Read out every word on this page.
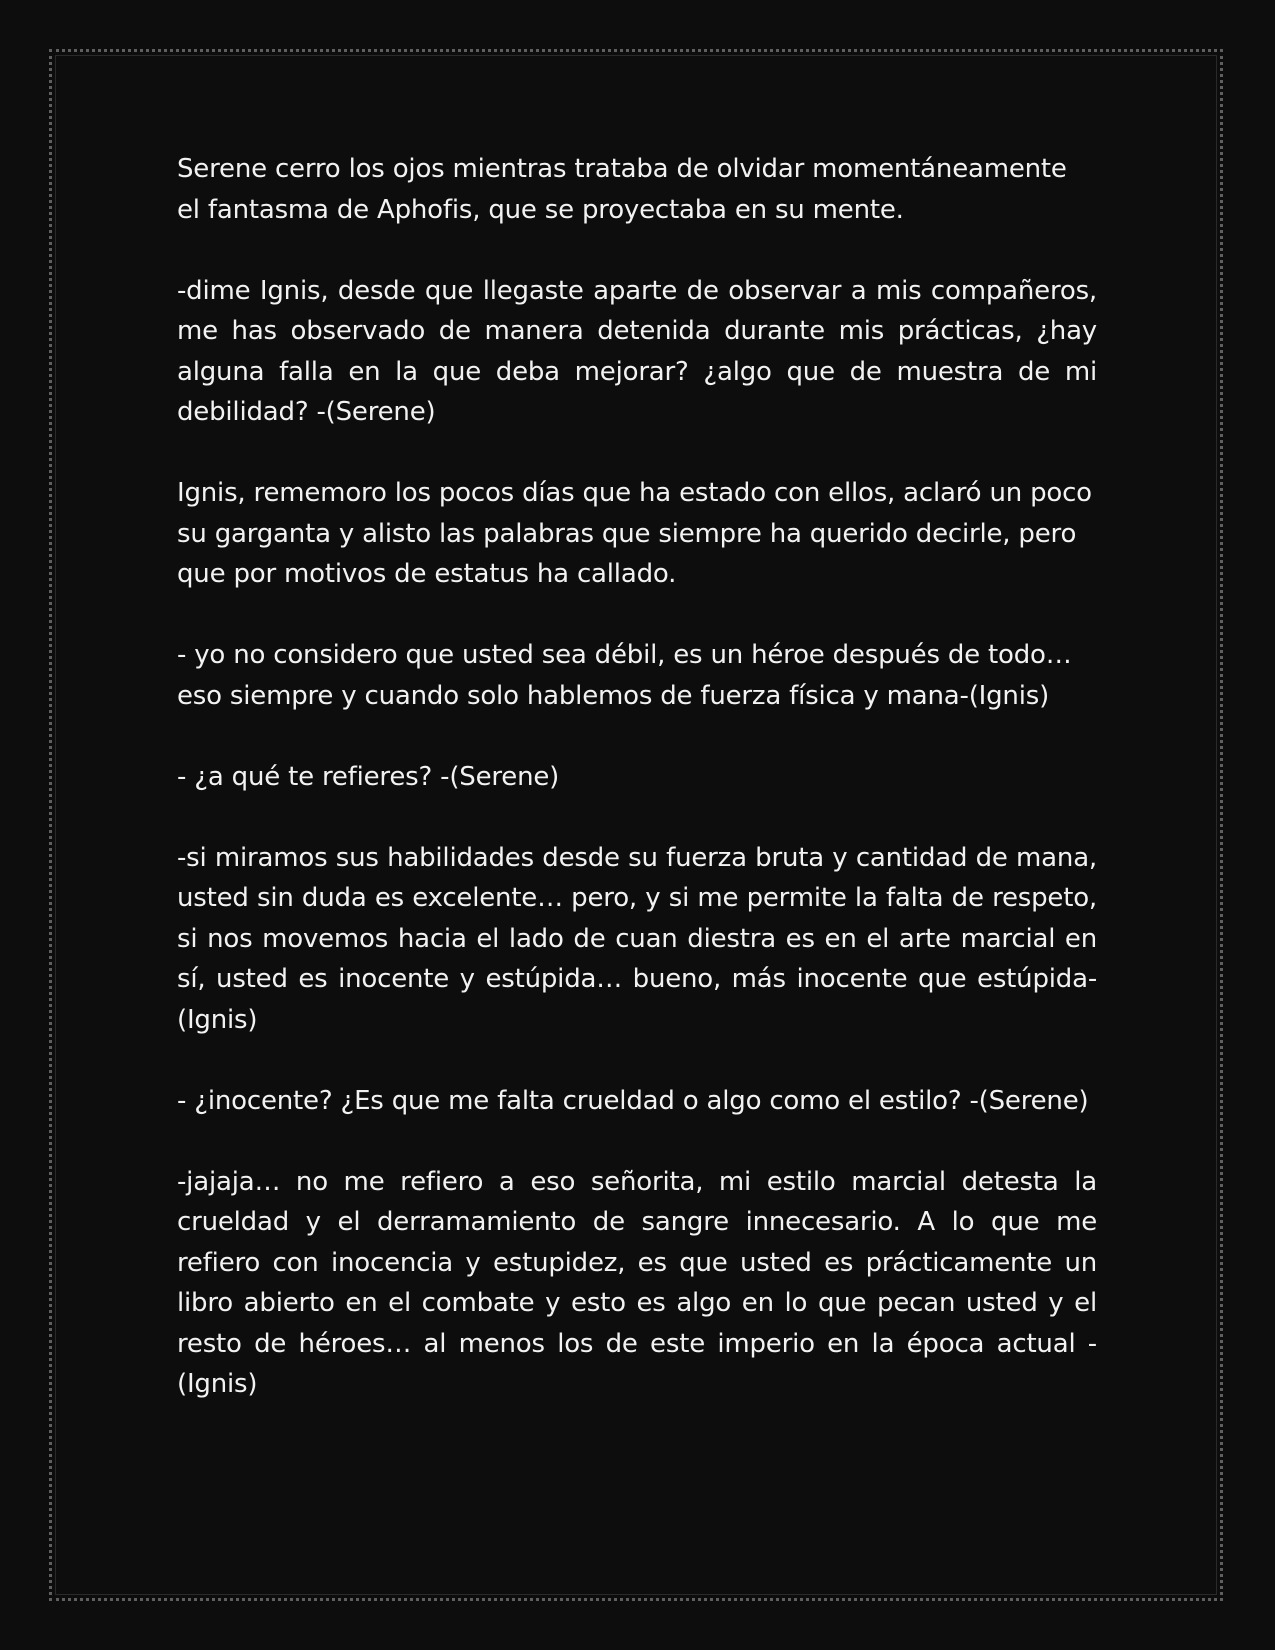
Serene cerro los ojos mientras trataba de olvidar momentáneamente el fantasma de Aphofis, que se proyectaba en su mente.

-dime Ignis, desde que llegaste aparte de observar a mis compañeros, me has observado de manera detenida durante mis prácticas, ¿hay alguna falla en la que deba mejorar? ¿algo que de muestra de mi debilidad? -(Serene)

Ignis, rememoro los pocos días que ha estado con ellos, aclaró un poco su garganta y alisto las palabras que siempre ha querido decirle, pero que por motivos de estatus ha callado.

- yo no considero que usted sea débil, es un héroe después de todo… eso siempre y cuando solo hablemos de fuerza física y mana-(Ignis)

- ¿a qué te refieres? -(Serene)

-si miramos sus habilidades desde su fuerza bruta y cantidad de mana, usted sin duda es excelente… pero, y si me permite la falta de respeto, si nos movemos hacia el lado de cuan diestra es en el arte marcial en sí, usted es inocente y estúpida… bueno, más inocente que estúpida-(Ignis)

- ¿inocente? ¿Es que me falta crueldad o algo como el estilo? -(Serene)

-jajaja… no me refiero a eso señorita, mi estilo marcial detesta la crueldad y el derramamiento de sangre innecesario. A lo que me refiero con inocencia y estupidez, es que usted es prácticamente un libro abierto en el combate y esto es algo en lo que pecan usted y el resto de héroes… al menos los de este imperio en la época actual -(Ignis)
